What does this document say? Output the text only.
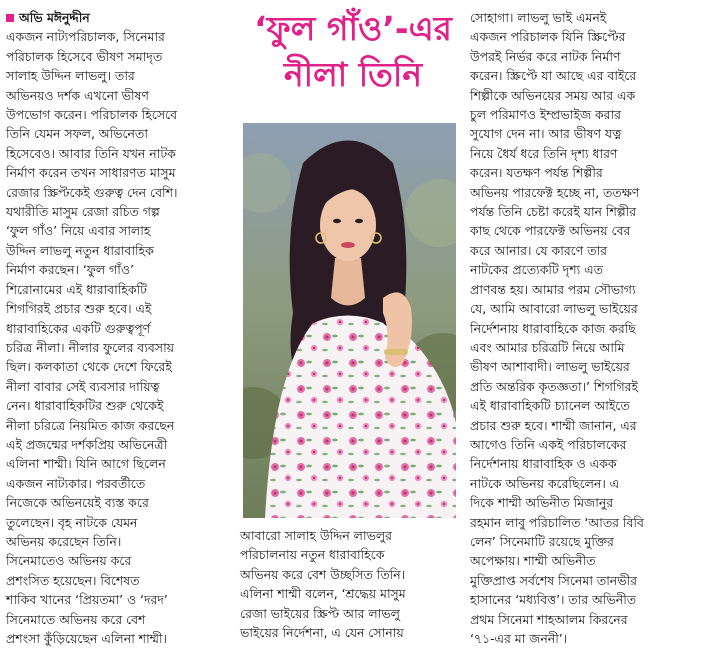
অভি মঈনুদ্দীন

একজন নাট্যপরিচালক, সিনেমার

পরিচালক হিসেবে ভীষণ সমাদৃত

সালাহ উদ্দিন লাভলু। তার

অভিনয়ও দর্শক এখনো ভীষণ

উপভোগ করেন। পরিচালক হিসেবে

তিনি যেমন সফল, অভিনেতা

হিসেবেও। আবার তিনি যখন নাটক

নির্মাণ করেন তখন সাধারণত মাসুম

রেজার স্ক্রিপ্টকেই গুরুত্ব দেন বেশি।

যথারীতি মাসুম রেজা রচিত গল্প

‘ফুল গাঁও’ নিয়ে এবার সালাহ

উদ্দিন লাভলু নতুন ধারাবাহিক

নির্মাণ করছেন। ‘ফুল গাঁও’

শিরোনামের এই ধারাবাহিকটি

শিগগিরই প্রচার শুরু হবে। এই

ধারাবাহিকের একটি গুরুত্বপূর্ণ

চরিত্র নীলা। নীলার ফুলের ব্যবসায়

ছিল। কলকাতা থেকে দেশে ফিরেই

নীলা বাবার সেই ব্যবসার দায়িত্ব

নেন। ধারাবাহিকটির শুরু থেকেই

নীলা চরিত্রে নিয়মিত কাজ করছেন

এই প্রজন্মের দর্শকপ্রিয় অভিনেত্রী

এলিনা শাম্মী। যিনি আগে ছিলেন

একজন নাট্যকার। পরবর্তীতে

নিজেকে অভিনয়েই ব্যস্ত করে

তুলেছেন। বৃহ নাটকে যেমন

অভিনয় করেছেন তিনি।

সিনেমাতেও অভিনয় করে

প্রশংসিত হয়েছেন। বিশেষত

শাকিব খানের ‘প্রিয়তমা’ ও ‘দরদ’

সিনেমাতে অভিনয় করে বেশ

প্রশংসা কুঁড়িয়েছেন এলিনা শাম্মী।

‘ফুল গাঁও’-এর
নীলা তিনি

আবারো সালাহ উদ্দিন লাভলুর

পরিচালনায় নতুন ধারাবাহিকে

অভিনয় করে বেশ উচ্ছসিত তিনি।

এলিনা শাম্মী বলেন, ‘শ্রদ্ধেয় মাসুম

রেজা ভাইয়ের স্ক্রিপ্ট আর লাভলু

ভাইয়ের নির্দেশনা, এ যেন সোনায়

সোহাগা। লাভলু ভাই এমনই

একজন পরিচালক যিনি স্ক্রিপ্টের

উপরই নির্ভর করে নাটক নির্মাণ

করেন। স্ক্রিপ্টে যা আছে এর বাইরে

শিল্পীকে অভিনয়ের সময় আর এক

চুল পরিমাণও ইম্প্রভাইজ করার

সুযোগ দেন না। আর ভীষণ যত্ন

নিয়ে ধৈর্য ধরে তিনি দৃশ্য ধারণ

করেন। যতক্ষণ পর্যন্ত শিল্পীর

অভিনয় পারফেক্ট হচ্ছে না, ততক্ষণ

পর্যন্ত তিনি চেষ্টা করেই যান শিল্পীর

কাছ থেকে পারফেক্ট অভিনয় বের

করে আনার। যে কারণে তার

নাটকের প্রত্যেকটি দৃশ্য এত

প্রাণবন্ত হয়। আমার পরম সৌভাগ্য

যে, আমি আবারো লাভলু ভাইয়ের

নির্দেশনায় ধারাবাহিকে কাজ করছি

এবং আমার চরিত্রটি নিয়ে আমি

ভীষণ আশাবাদী। লাভলু ভাইয়ের

প্রতি অন্তরিক কৃতজ্ঞতা।’ শিগগিরই

এই ধারাবাহিকটি চ্যানেল আইতে

প্রচার শুরু হবে। শাম্মী জানান, এর

আগেও তিনি একই পরিচালকের

নির্দেশনায় ধারাবাহিক ও একক

নাটকে অভিনয় করেছিলেন। এ

দিকে শাম্মী অভিনীত মিজানুর

রহমান লাবু পরিচালিত ‘আতর বিবি

লেন’ সিনেমাটি রয়েছে মুক্তির

অপেক্ষায়। শাম্মী অভিনীত

মুক্তিপ্রাপ্ত সর্বশেষ সিনেমা তানভীর

হাসানের ‘মধ্যবিত্ত’। তার অভিনীত

প্রথম সিনেমা শাহআলম কিরনের

‘৭১-এর মা জননী’।
